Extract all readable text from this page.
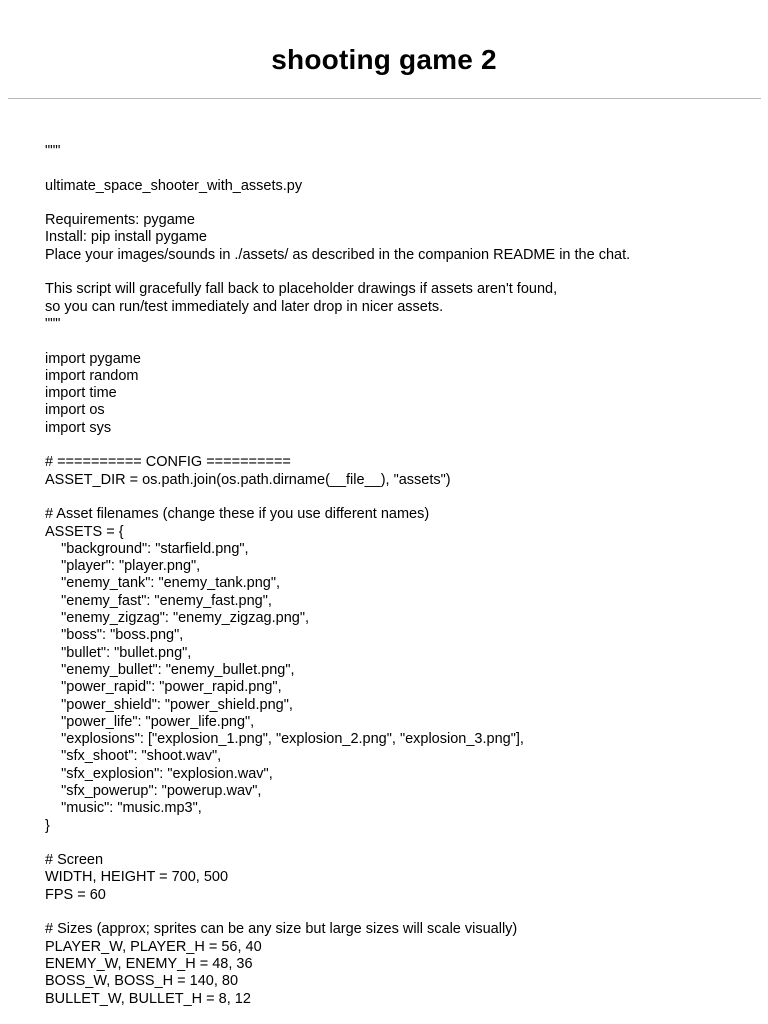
shooting game 2
"""
ultimate_space_shooter_with_assets.py
Requirements: pygame
Install: pip install pygame
Place your images/sounds in ./assets/ as described in the companion README in the chat.
This script will gracefully fall back to placeholder drawings if assets aren't found,
so you can run/test immediately and later drop in nicer assets.
"""
import pygame
import random
import time
import os
import sys
# ========== CONFIG ==========
ASSET_DIR = os.path.join(os.path.dirname(__file__), "assets")
# Asset filenames (change these if you use different names)
ASSETS = {
"background": "starfield.png",
"player": "player.png",
"enemy_tank": "enemy_tank.png",
"enemy_fast": "enemy_fast.png",
"enemy_zigzag": "enemy_zigzag.png",
"boss": "boss.png",
"bullet": "bullet.png",
"enemy_bullet": "enemy_bullet.png",
"power_rapid": "power_rapid.png",
"power_shield": "power_shield.png",
"power_life": "power_life.png",
"explosions": ["explosion_1.png", "explosion_2.png", "explosion_3.png"],
"sfx_shoot": "shoot.wav",
"sfx_explosion": "explosion.wav",
"sfx_powerup": "powerup.wav",
"music": "music.mp3",
}
# Screen
WIDTH, HEIGHT = 700, 500
FPS = 60
# Sizes (approx; sprites can be any size but large sizes will scale visually)
PLAYER_W, PLAYER_H = 56, 40
ENEMY_W, ENEMY_H = 48, 36
BOSS_W, BOSS_H = 140, 80
BULLET_W, BULLET_H = 8, 12
